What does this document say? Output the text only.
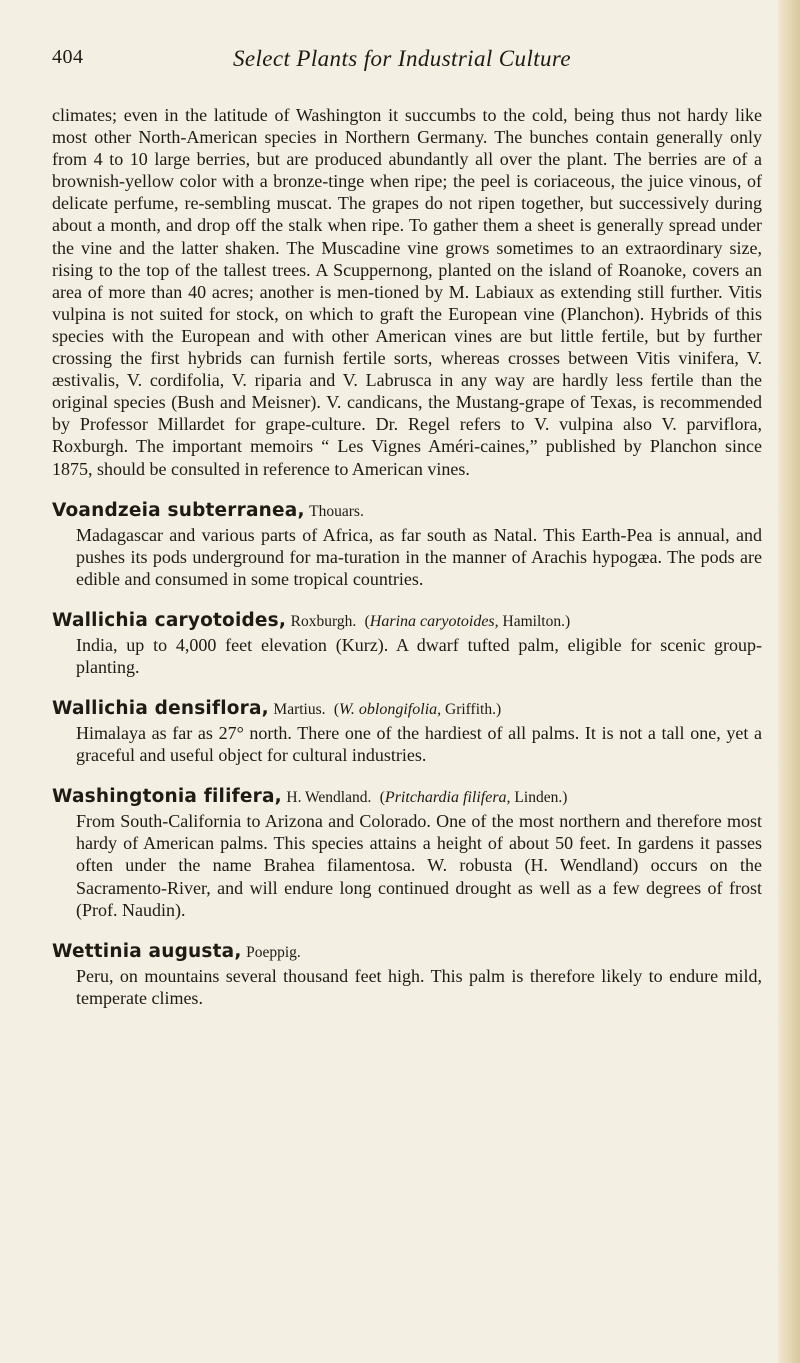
404	Select Plants for Industrial Culture

climates; even in the latitude of Washington it succumbs to the cold, being thus not hardy like most other North-American species in Northern Germany. The bunches contain generally only from 4 to 10 large berries, but are produced abundantly all over the plant. The berries are of a brownish-yellow color with a bronze-tinge when ripe; the peel is coriaceous, the juice vinous, of delicate perfume, re-sembling muscat. The grapes do not ripen together, but successively during about a month, and drop off the stalk when ripe. To gather them a sheet is generally spread under the vine and the latter shaken. The Muscadine vine grows sometimes to an extraordinary size, rising to the top of the tallest trees. A Scuppernong, planted on the island of Roanoke, covers an area of more than 40 acres; another is men-tioned by M. Labiaux as extending still further. Vitis vulpina is not suited for stock, on which to graft the European vine (Planchon). Hybrids of this species with the European and with other American vines are but little fertile, but by further crossing the first hybrids can furnish fertile sorts, whereas crosses between Vitis vinifera, V. æstivalis, V. cordifolia, V. riparia and V. Labrusca in any way are hardly less fertile than the original species (Bush and Meisner). V. candicans, the Mustang-grape of Texas, is recommended by Professor Millardet for grape-culture. Dr. Regel refers to V. vulpina also V. parviflora, Roxburgh. The important memoirs “ Les Vignes Améri-caines,” published by Planchon since 1875, should be consulted in reference to American vines.

Voandzeia subterranea, Thouars.

Madagascar and various parts of Africa, as far south as Natal. This Earth-Pea is annual, and pushes its pods underground for ma-turation in the manner of Arachis hypogæa. The pods are edible and consumed in some tropical countries.

Wallichia caryotoides, Roxburgh.  (Harina caryotoides, Hamilton.)

India, up to 4,000 feet elevation (Kurz). A dwarf tufted palm, eligible for scenic group-planting.

Wallichia densiflora, Martius.  (W. oblongifolia, Griffith.)

Himalaya as far as 27° north. There one of the hardiest of all palms. It is not a tall one, yet a graceful and useful object for cultural industries.

Washingtonia filifera, H. Wendland.  (Pritchardia filifera, Linden.)

From South-California to Arizona and Colorado. One of the most northern and therefore most hardy of American palms. This species attains a height of about 50 feet. In gardens it passes often under the name Brahea filamentosa. W. robusta (H. Wendland) occurs on the Sacramento-River, and will endure long continued drought as well as a few degrees of frost (Prof. Naudin).

Wettinia augusta, Poeppig.

Peru, on mountains several thousand feet high. This palm is therefore likely to endure mild, temperate climes.
